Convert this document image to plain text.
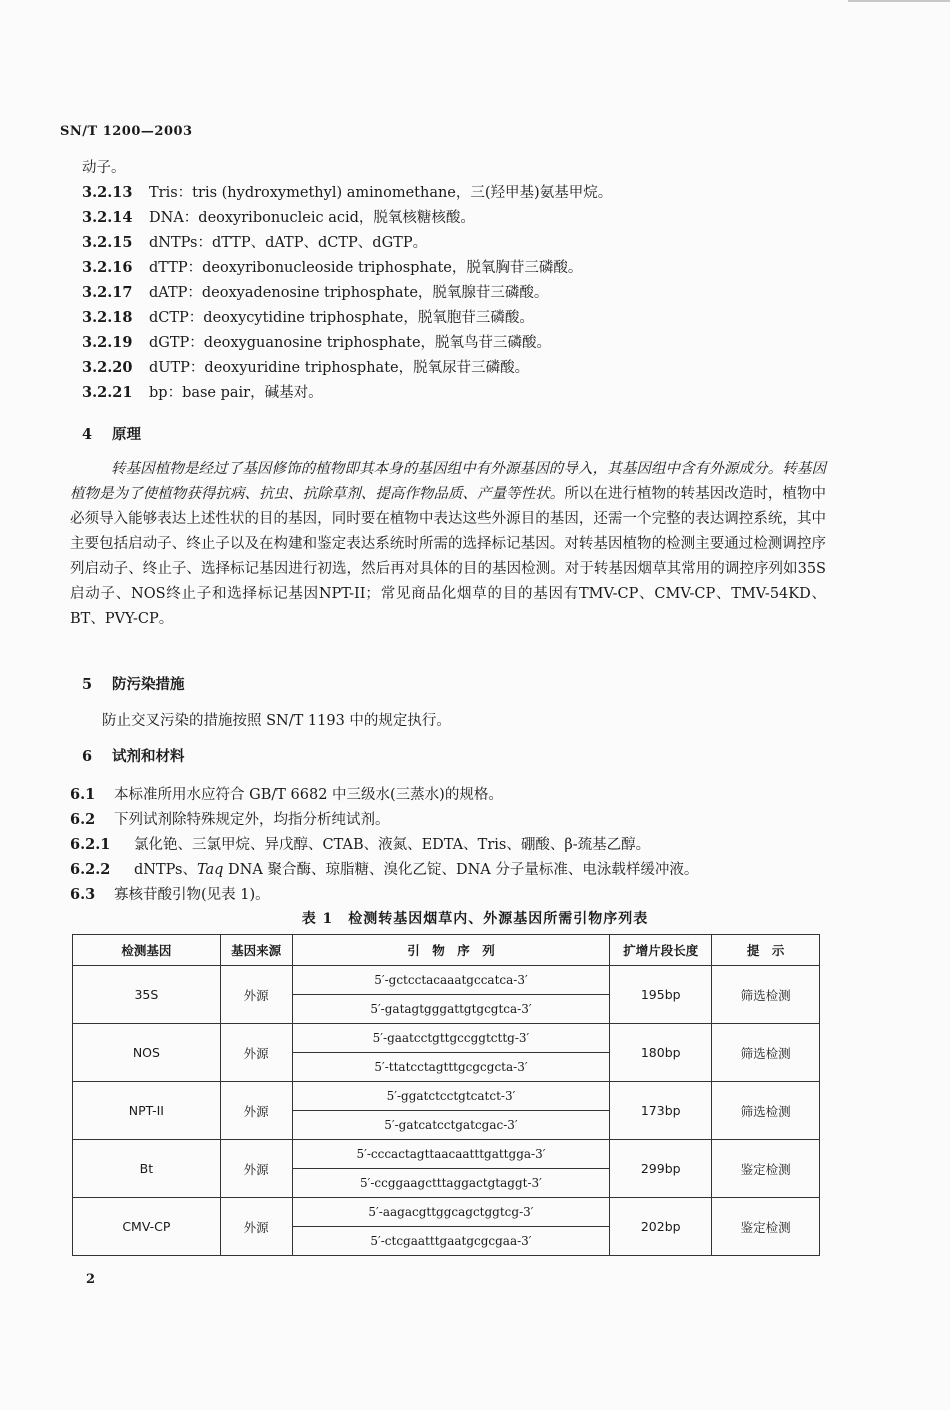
SN/T 1200—2003
动子。
3.2.13 Tris：tris (hydroxymethyl) aminomethane，三(羟甲基)氨基甲烷。
3.2.14 DNA：deoxyribonucleic acid，脱氧核糖核酸。
3.2.15 dNTPs：dTTP、dATP、dCTP、dGTP。
3.2.16 dTTP：deoxyribonucleoside triphosphate，脱氧胸苷三磷酸。
3.2.17 dATP：deoxyadenosine triphosphate，脱氧腺苷三磷酸。
3.2.18 dCTP：deoxycytidine triphosphate，脱氧胞苷三磷酸。
3.2.19 dGTP：deoxyguanosine triphosphate，脱氧鸟苷三磷酸。
3.2.20 dUTP：deoxyuridine triphosphate，脱氧尿苷三磷酸。
3.2.21 bp：base pair，碱基对。
4 原理
转基因植物是经过了基因修饰的植物即其本身的基因组中有外源基因的导入，其基因组中含有外源成分。转基因植物是为了使植物获得抗病、抗虫、抗除草剂、提高作物品质、产量等性状。所以在进行植物的转基因改造时，植物中必须导入能够表达上述性状的目的基因，同时要在植物中表达这些外源目的基因，还需一个完整的表达调控系统，其中主要包括启动子、终止子以及在构建和鉴定表达系统时所需的选择标记基因。对转基因植物的检测主要通过检测调控序列启动子、终止子、选择标记基因进行初选，然后再对具体的目的基因检测。对于转基因烟草其常用的调控序列如35S启动子、NOS终止子和选择标记基因NPT-II；常见商品化烟草的目的基因有TMV-CP、CMV-CP、TMV-54KD、BT、PVY-CP。
5 防污染措施
防止交叉污染的措施按照 SN/T 1193 中的规定执行。
6 试剂和材料
6.1 本标准所用水应符合 GB/T 6682 中三级水(三蒸水)的规格。
6.2 下列试剂除特殊规定外，均指分析纯试剂。
6.2.1 氯化铯、三氯甲烷、异戊醇、CTAB、液氮、EDTA、Tris、硼酸、β-巯基乙醇。
6.2.2 dNTPs、Taq DNA 聚合酶、琼脂糖、溴化乙锭、DNA 分子量标准、电泳载样缓冲液。
6.3 寡核苷酸引物(见表 1)。
表 1　检测转基因烟草内、外源基因所需引物序列表
检测基因	基因来源	引　物　序　列	扩增片段长度	提　示
35S	外源	5′-gctcctacaaatgccatca-3′	195bp	筛选检测
		5′-gatagtgggattgtgcgtca-3′		
NOS	外源	5′-gaatcctgttgccggtcttg-3′	180bp	筛选检测
		5′-ttatcctagtttgcgcgcta-3′		
NPT-II	外源	5′-ggatctcctgtcatct-3′	173bp	筛选检测
		5′-gatcatcctgatcgac-3′		
Bt	外源	5′-cccactagttaacaatttgattgga-3′	299bp	鉴定检测
		5′-ccggaagctttaggactgtaggt-3′		
CMV-CP	外源	5′-aagacgttggcagctggtcg-3′	202bp	鉴定检测
		5′-ctcgaatttgaatgcgcgaa-3′		
2
